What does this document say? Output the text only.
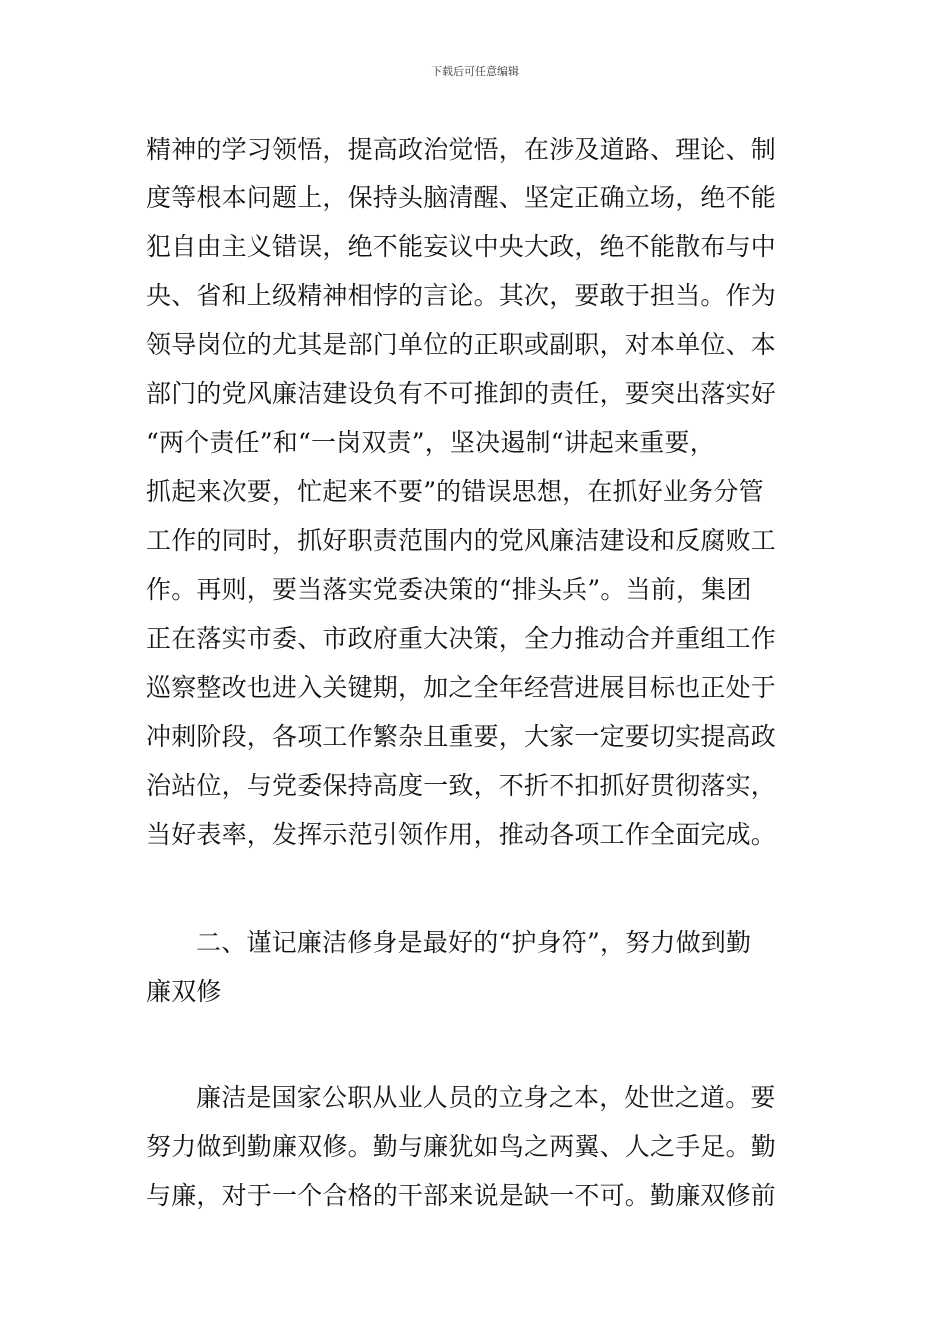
下载后可任意编辑
精神的学习领悟，提高政治觉悟，在涉及道路、理论、制
度等根本问题上，保持头脑清醒、坚定正确立场，绝不能
犯自由主义错误，绝不能妄议中央大政，绝不能散布与中
央、省和上级精神相悖的言论。其次，要敢于担当。作为
领导岗位的尤其是部门单位的正职或副职，对本单位、本
部门的党风廉洁建设负有不可推卸的责任，要突出落实好
“两个责任”和“一岗双责”，坚决遏制“讲起来重要，
抓起来次要，忙起来不要”的错误思想，在抓好业务分管
工作的同时，抓好职责范围内的党风廉洁建设和反腐败工
作。再则，要当落实党委决策的“排头兵”。当前，集团
正在落实市委、市政府重大决策，全力推动合并重组工作
巡察整改也进入关键期，加之全年经营进展目标也正处于
冲刺阶段，各项工作繁杂且重要，大家一定要切实提高政
治站位，与党委保持高度一致，不折不扣抓好贯彻落实，
当好表率，发挥示范引领作用，推动各项工作全面完成。
二、谨记廉洁修身是最好的“护身符”，努力做到勤
廉双修
廉洁是国家公职从业人员的立身之本，处世之道。要
努力做到勤廉双修。勤与廉犹如鸟之两翼、人之手足。勤
与廉，对于一个合格的干部来说是缺一不可。勤廉双修前
